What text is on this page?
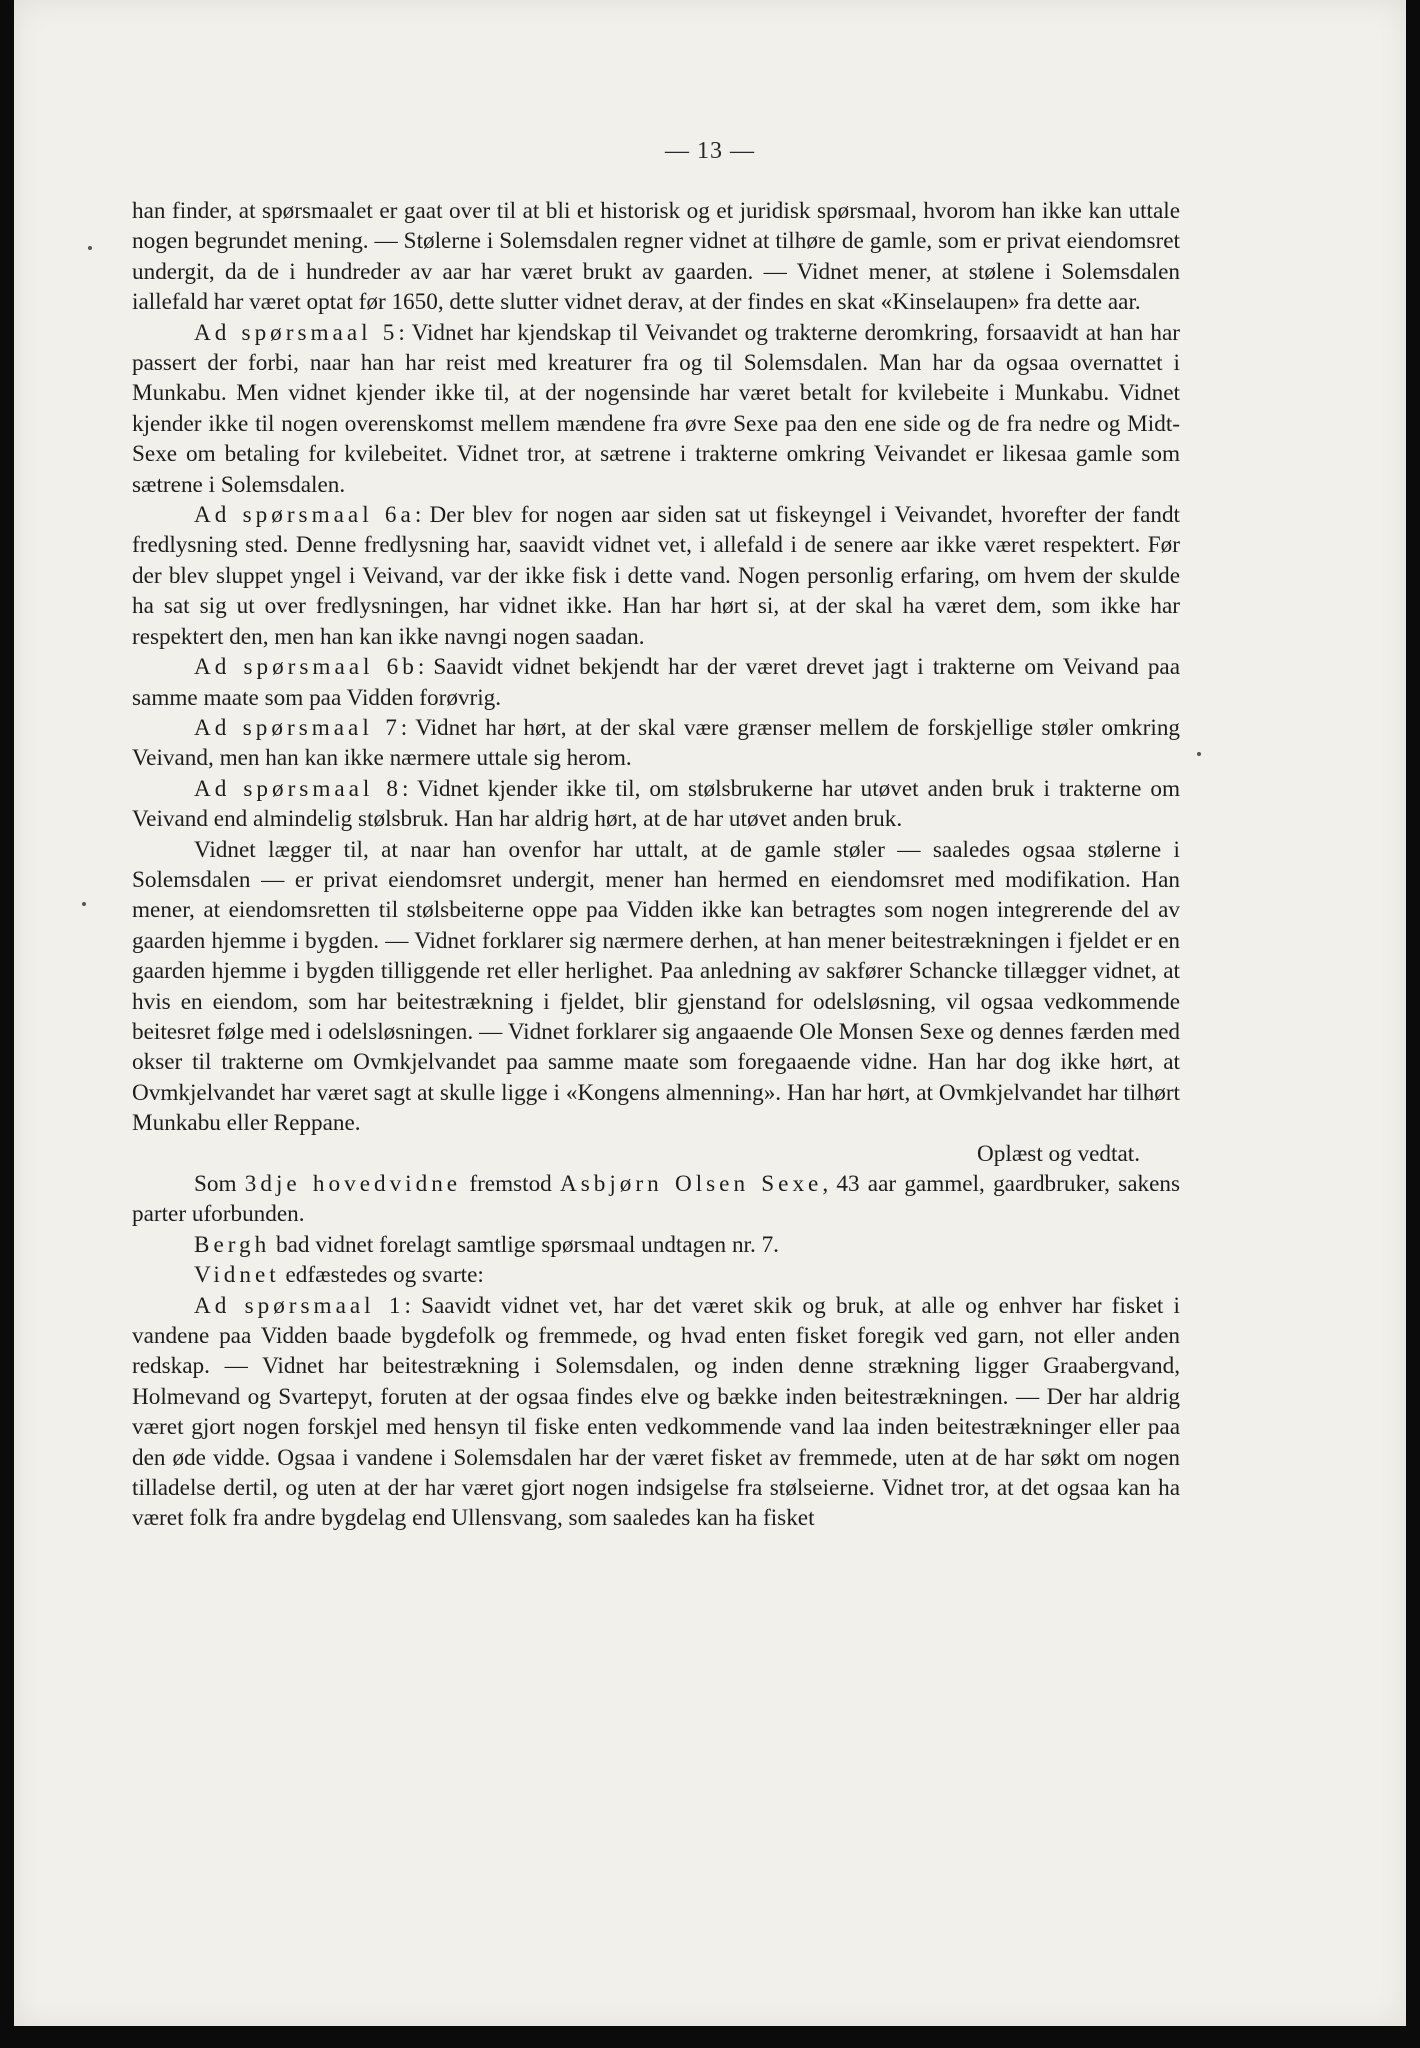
— 13 —

han finder, at spørsmaalet er gaat over til at bli et historisk og et juridisk spørsmaal, hvorom han ikke kan uttale nogen begrundet mening. — Stølerne i Solemsdalen regner vidnet at tilhøre de gamle, som er privat eiendomsret undergit, da de i hundreder av aar har været brukt av gaarden. — Vidnet mener, at stølene i Solemsdalen iallefald har været optat før 1650, dette slutter vidnet derav, at der findes en skat «Kinselaupen» fra dette aar.

Ad spørsmaal 5: Vidnet har kjendskap til Veivandet og trakterne deromkring, forsaavidt at han har passert der forbi, naar han har reist med kreaturer fra og til Solemsdalen. Man har da ogsaa overnattet i Munkabu. Men vidnet kjender ikke til, at der nogensinde har været betalt for kvilebeite i Munkabu. Vidnet kjender ikke til nogen overenskomst mellem mændene fra øvre Sexe paa den ene side og de fra nedre og Midt-Sexe om betaling for kvilebeitet. Vidnet tror, at sætrene i trakterne omkring Veivandet er likesaa gamle som sætrene i Solemsdalen.

Ad spørsmaal 6a: Der blev for nogen aar siden sat ut fiskeyngel i Veivandet, hvorefter der fandt fredlysning sted. Denne fredlysning har, saavidt vidnet vet, i allefald i de senere aar ikke været respektert. Før der blev sluppet yngel i Veivand, var der ikke fisk i dette vand. Nogen personlig erfaring, om hvem der skulde ha sat sig ut over fredlysningen, har vidnet ikke. Han har hørt si, at der skal ha været dem, som ikke har respektert den, men han kan ikke navngi nogen saadan.

Ad spørsmaal 6b: Saavidt vidnet bekjendt har der været drevet jagt i trakterne om Veivand paa samme maate som paa Vidden forøvrig.

Ad spørsmaal 7: Vidnet har hørt, at der skal være grænser mellem de forskjellige støler omkring Veivand, men han kan ikke nærmere uttale sig herom.

Ad spørsmaal 8: Vidnet kjender ikke til, om stølsbrukerne har utøvet anden bruk i trakterne om Veivand end almindelig stølsbruk. Han har aldrig hørt, at de har utøvet anden bruk.

Vidnet lægger til, at naar han ovenfor har uttalt, at de gamle støler — saaledes ogsaa stølerne i Solemsdalen — er privat eiendomsret undergit, mener han hermed en eiendomsret med modifikation. Han mener, at eiendomsretten til stølsbeiterne oppe paa Vidden ikke kan betragtes som nogen integrerende del av gaarden hjemme i bygden. — Vidnet forklarer sig nærmere derhen, at han mener beitestrækningen i fjeldet er en gaarden hjemme i bygden tilliggende ret eller herlighet. Paa anledning av sakfører Schancke tillægger vidnet, at hvis en eiendom, som har beitestrækning i fjeldet, blir gjenstand for odelsløsning, vil ogsaa vedkommende beitesret følge med i odelsløsningen. — Vidnet forklarer sig angaaende Ole Monsen Sexe og dennes færden med okser til trakterne om Ovmkjelvandet paa samme maate som foregaaende vidne. Han har dog ikke hørt, at Ovmkjelvandet har været sagt at skulle ligge i «Kongens almenning». Han har hørt, at Ovmkjelvandet har tilhørt Munkabu eller Reppane.

Oplæst og vedtat.

Som 3dje hovedvidne fremstod Asbjørn Olsen Sexe, 43 aar gammel, gaardbruker, sakens parter uforbunden.

Bergh bad vidnet forelagt samtlige spørsmaal undtagen nr. 7.

Vidnet edfæstedes og svarte:

Ad spørsmaal 1: Saavidt vidnet vet, har det været skik og bruk, at alle og enhver har fisket i vandene paa Vidden baade bygdefolk og fremmede, og hvad enten fisket foregik ved garn, not eller anden redskap. — Vidnet har beitestrækning i Solemsdalen, og inden denne strækning ligger Graabergvand, Holmevand og Svartepyt, foruten at der ogsaa findes elve og bække inden beitestrækningen. — Der har aldrig været gjort nogen forskjel med hensyn til fiske enten vedkommende vand laa inden beitestrækninger eller paa den øde vidde. Ogsaa i vandene i Solemsdalen har der været fisket av fremmede, uten at de har søkt om nogen tilladelse dertil, og uten at der har været gjort nogen indsigelse fra stølseierne. Vidnet tror, at det ogsaa kan ha været folk fra andre bygdelag end Ullensvang, som saaledes kan ha fisket
